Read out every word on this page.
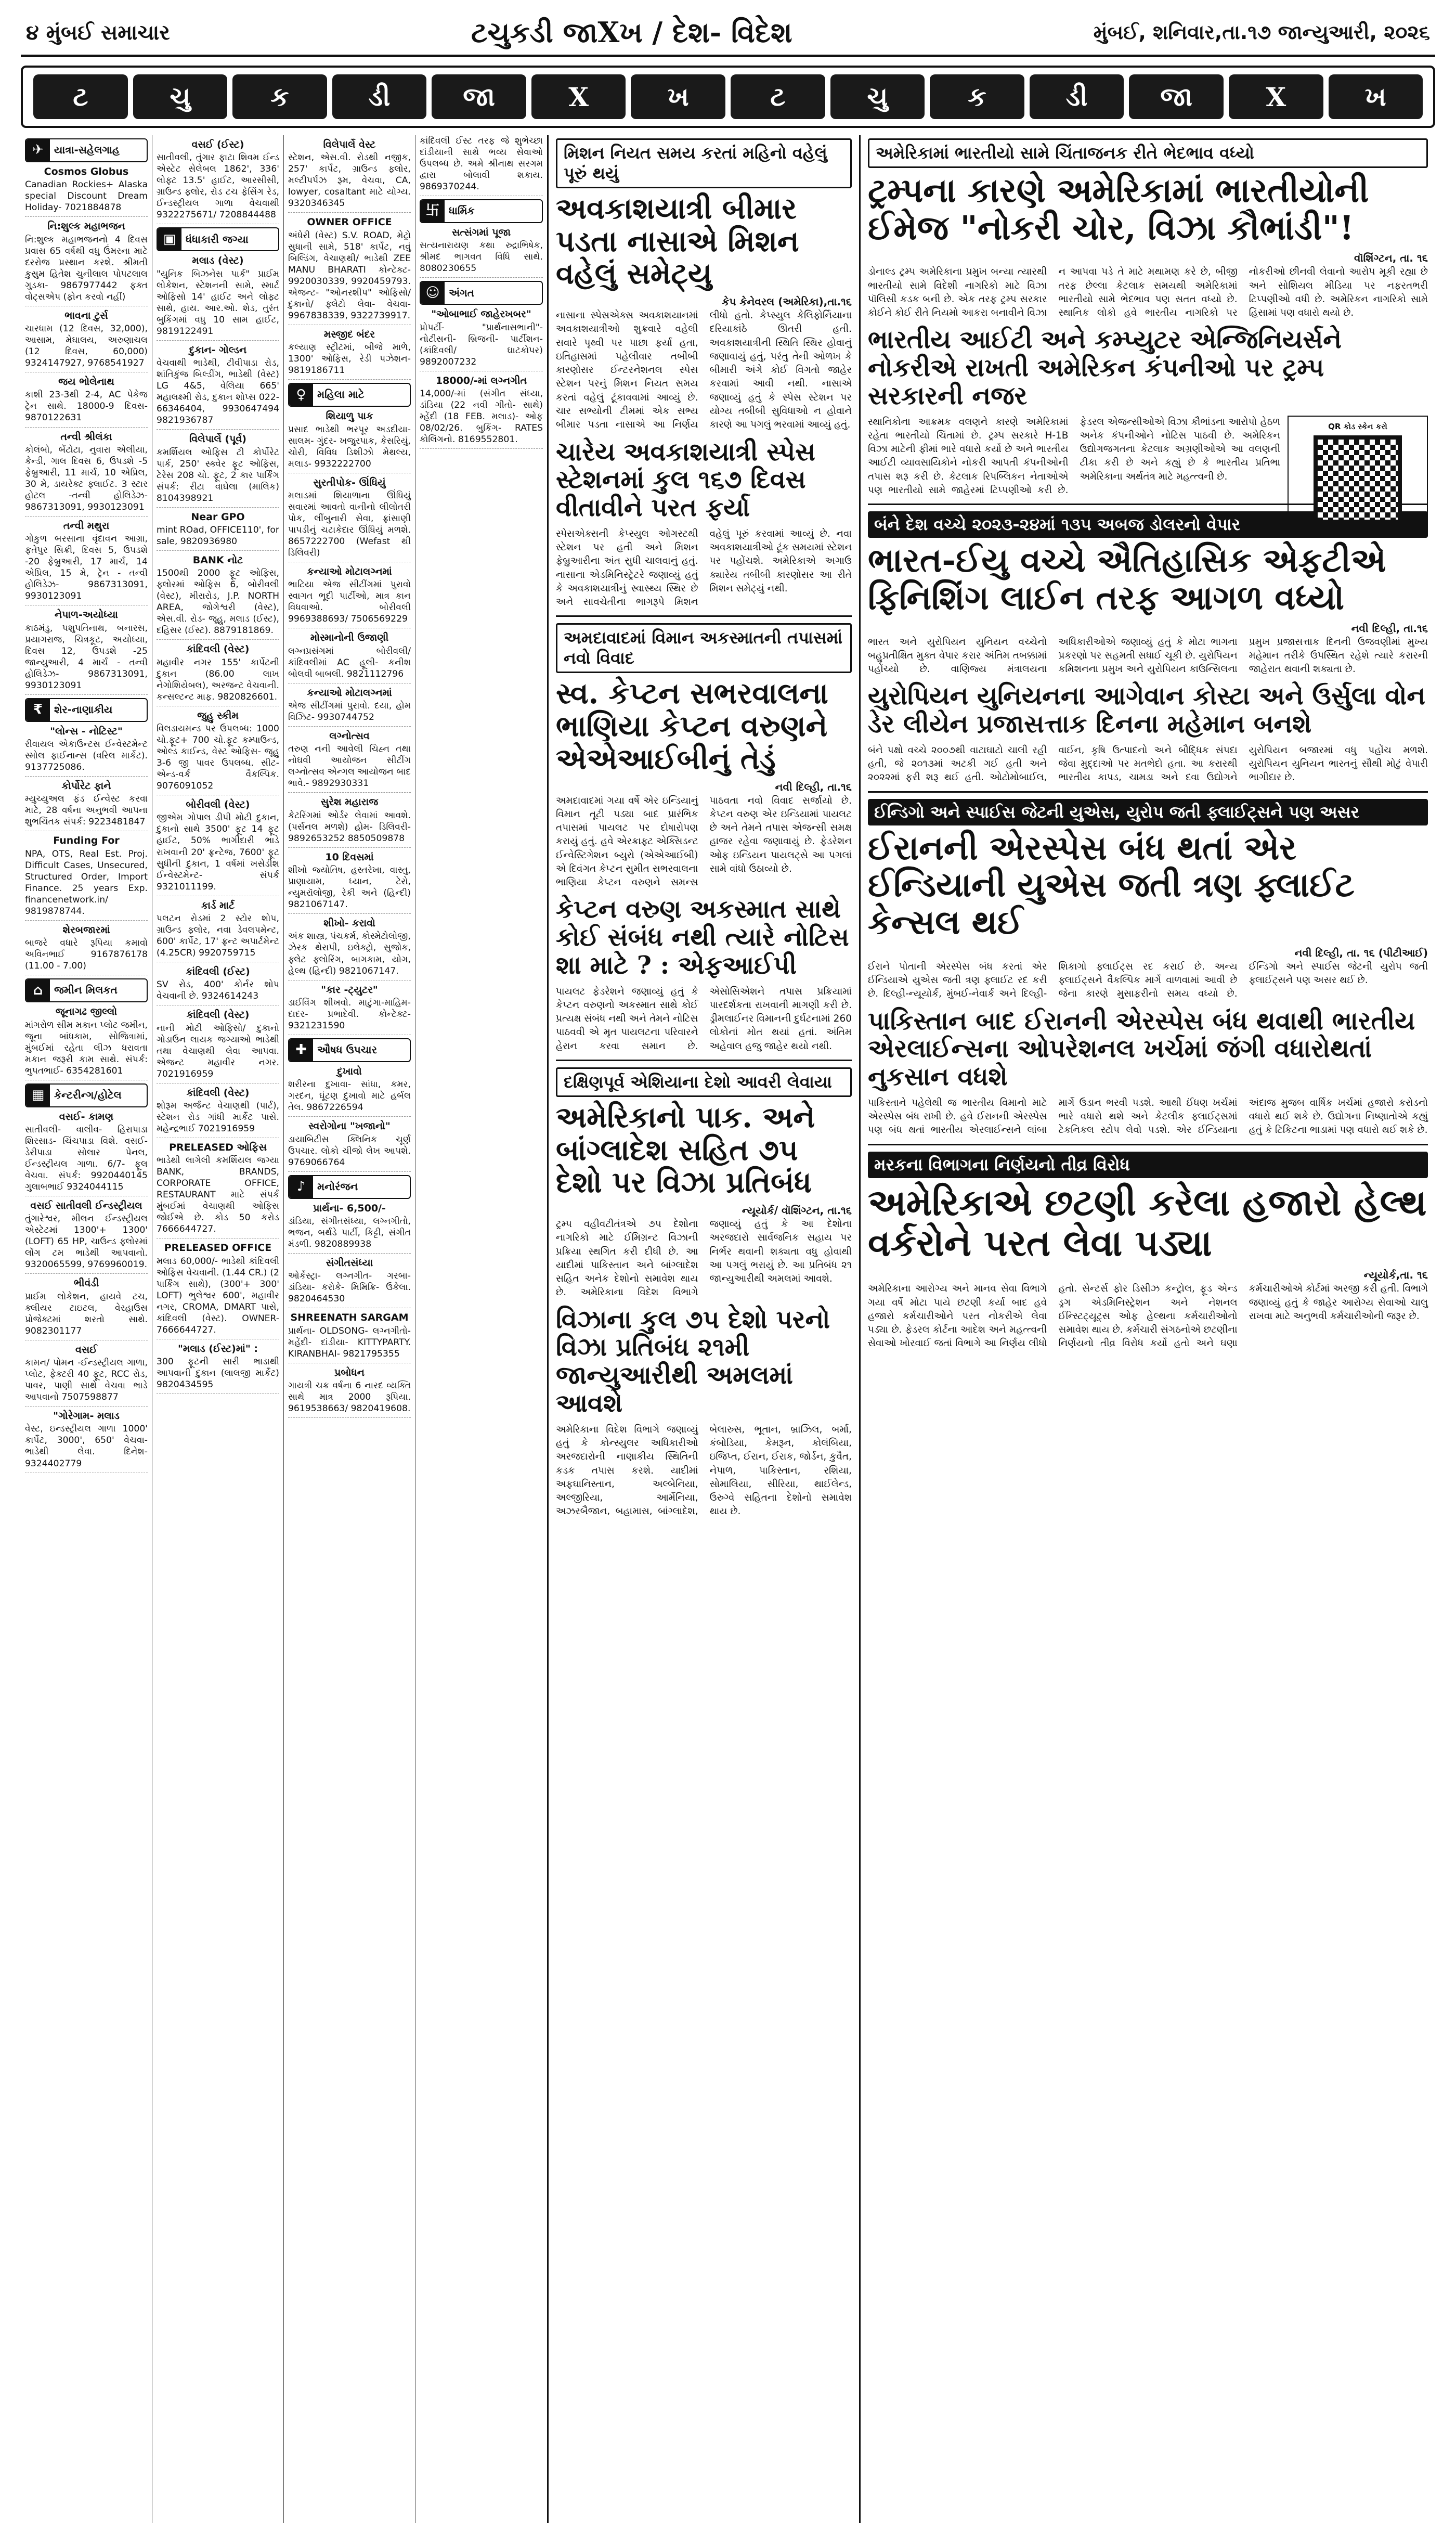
૪ મુંબઈ સમાચાર	ટચુકડી જાXખ / દેશ- વિદેશ	મુંબઈ, શનિવાર,તા.૧૭ જાન્યુઆરી, ૨૦૨૬
ટ	ચુ	ક	ડી	જા	X	ખ	ટ	ચુ	ક	ડી	જા	X	ખ
✈	યાત્રા-સહેલગાહ
Cosmos Globus
Canadian Rockies+ Alaska special Discount Dream Holiday- 7021884878
નિ:શુલ્ક મહાભજન
નિ:શુલ્ક મહાભજનનો 4 દિવસ પ્રવાસ 65 વર્ષથી વધુ ઉંમરના માટે દરરોજ પ્રસ્થાન કરશે. શ્રીમતી કુસુમ હિતેશ ચુનીલાલ પોપટલાલ ગુડકા- 9867977442 ફક્ત વોટ્સએપ (ફોન કરવો નહીં)
ભાવના ટુર્સ
ચારધામ (12 દિવસ, 32,000), આસામ, મેઘાલય, અરુણાચલ (12 દિવસ, 60,000) 9324147927, 9768541927
જય ભોલેનાથ
કાશી 23-3થી 2-4, AC પેકેજ ટ્રેન સાથે. 18000-9 દિવસ- 9870122631
તન્વી શ્રીલંકા
કોલંબો, બેંટોટા, નુવારા એલીયા, કેન્ડી, ગાલ દિવસ 6, ઉપડશે -5 ફેબ્રુઆરી, 11 માર્ચ, 10 એપ્રિલ, 30 મે, ડાયરેક્ટ ફ્લાઈટ. 3 સ્ટાર હોટલ -તન્વી હોલિડેઝ- 9867313091, 9930123091
તન્વી મથુરા
ગોકુળ બરસાના વૃંદાવન આગ્રા, ફતેપુર સિક્રી, દિવસ 5, ઉપડશે -20 ફેબ્રુઆરી, 17 માર્ચ, 14 એપ્રિલ, 15 મે, ટ્રેન - તન્વી હોલિડેઝ- 9867313091, 9930123091
નેપાળ-અયોધ્યા
કાઠમંડુ, પશુપતિનાથ, બનારસ, પ્રયાગરાજ, ચિત્રકૂટ, અયોધ્યા, દિવસ 12, ઉપડશે -25 જાન્યુઆરી, 4 માર્ચ - તન્વી હોલિડેઝ- 9867313091, 9930123091
₹	શેર-નાણાકીય
"લોન્સ - નોટિસ્ટ"
રીવાયલ એકાઉન્ટસ ઈન્વેસ્ટમેન્ટ સ્મોલ ફાઈનાન્સ (વરિલ માર્કેટ). 9137725086.
કોર્પોરેટ ફાને
મ્યુચ્યુઅલ ફંડ ઈન્વેસ્ટ કરવા માટે, 28 વર્ષના અનુભવી આપના શુભચિંતક સંપર્ક: 9223481847
Funding For
NPA, OTS, Real Est. Proj. Difficult Cases, Unsecured, Structured Order, Import Finance. 25 years Exp. financenetwork.in/ 9819878744.
શેરબજારમાં
બાજરે વધારે રૂપિયા કમાવો અવિનભાઈ 9167876178 (11.00 - 7.00)
⌂	જમીન મિલકત
જૂનાગઢ જીલ્લો
માંગરોળ સીમ મકાન પ્લોટ જમીન, જૂના બાંધકામ, સોજિત્રામાં, મુંબઈમાં રહેતા લીઝ ધરાવતા મકાન જરૂરી કામ સાથે. સંપર્ક: ભુપતભાઈ- 6354281601
▦ કેન્ટરીન્ગ/હોટેલ
વસઈ- કામણ
સાતીવલી- વાલીવ- હિરાપાડા શિરસાડ- ચિંચપાડા વિશે. વસઈ- ડેરીપાડા સોલાર પેનલ, ઈન્ડસ્ટ્રીયલ ગાળા. 6/7- ફૂલ વેચવા. સંપર્ક: 9920440145 ગુલાબભાઈ 9324044115
વસઈ સાતીવલી ઈન્ડસ્ટ્રીયલ
તુંગારેશ્વર, મીલન ઈન્ડસ્ટ્રીયલ એસ્ટેટમાં 1300'+ 1300' (LOFT) 65 HP, ચાઉન્ડ ફ્લોરમાં લોંગ ટમ ભાડેથી આપવાનો. 9320065599, 9769960019.
ભીવંડી
પ્રાઈમ લોકેશન, હાયવે ટચ, ક્લીયર ટાઇટલ, વેરહાઉસ પ્રોજેક્ટમાં શરતો સાથે. 9082301177
વસઈ
કામન/ પોમન -ઈન્ડસ્ટ્રીયલ ગાળા, પ્લોટ, ફેક્ટરી 40 ફૂટ, RCC રોડ, પાવર, પાણી સાથે વેચવા ભાડે આપવાનો 7507598877
"ગોરેગામ- મલાડ
વેસ્ટ, ઇન્ડસ્ટ્રીયલ ગાળા 1000' કાર્પેટ, 3000', 650' વેચવા-ભાડેથી લેવા. દિનેશ- 9324402779
વસઈ (ઈસ્ટ)
સાતીવલી, તુંગાર ફાટા શિવમ ઈન્ડ એસ્ટેટ સેલેબલ 1862', 336' લોફ્ટ 13.5' હાઈટ, આરસીસી, ગ્રાઉન્ડ ફ્લોર, રોડ ટચ ફેસિંગ રેડ, ઈન્ડસ્ટ્રીયલ ગાળા વેચવાથી 9322275671/ 7208844488
▣ ધંધાકારી જગ્યા
મલાડ (વેસ્ટ)
"યુનિક બિઝનેસ પાર્ક" પ્રાઈમ લોકેશન, સ્ટેશનની સામે, સ્માર્ટ ઓફિસો 14' હાઈટ અને લોફ્ટ સાથે, હાય. આર.ઓ. શેડ, તુરંત બુકિંગમાં વધુ 10 સામ હાઈટ, 9819122491
દુકાન- ગોલ્ડન
વેચવાથી ભાડેથી, ટીવીપાડા રોડ, શાંતિકુંજ બિલ્ડીંગ, ભાડેથી (વેસ્ટ) LG 4&5, વેલિયા 665' મહાલક્ષ્મી રોડ, દુકાન શોપ્સ 022-66346404, 9930647494 9821936787
વિલેપાર્લે (પૂર્વ)
કમર્શિયલ ઓફિસ ટી કોર્પોરેટ પાર્ક, 250' સ્ક્વેર ફૂટ ઓફિસ, ટેરેસ 208 ચો. ફૂટ, 2 કાર પાર્કિંગ સંપર્ક: રીટા વાઘેલા (માલિક) 8104398921
Near GPO
mint ROad, OFFICE110', for sale, 9820936980
BANK નોટ
1500થી 2000 ફૂટ ઓફિસ, ફ્લોરમાં ઓફિસ 6, બોરીવલી (વેસ્ટ), મીરારોડ, J.P. NORTH AREA, જોગેશ્વરી (વેસ્ટ), એસ.વી. રોડ- જૂહુ, મલાડ (ઈસ્ટ), દહિસર (ઈસ્ટ). 8879181869.
કાંદિવલી (વેસ્ટ)
મહાવીર નગર 155' કાર્પેટની દુકાન (86.00 લાખ નેગોશિયેબલ), અરજન્ટ વેચવાની. કન્સલ્ટન્ટ માફ. 9820826601.
જુહુ સ્કીમ
વિલડાયમન્ડ પર ઉપલબ્ધ: 1000 ચો.ફૂટ+ 700 ચો.ફૂટ કમ્પાઉન્ડ, ઓલ્ડ કાઈન્ડ, વેસ્ટ ઓફિસ- જૂહુ 3-6 જી પાવર ઉપલબ્ધ. સીટ-એન્ડ-વર્ક વૈકલ્પિક. 9076091052
બોરીવલી (વેસ્ટ)
જીએમ ગોપાલ ડીપી મોટી દુકાન, દુકાનો સાથે 3500' ફૂટ 14 ફૂટ હાઈટ, 50% ભાગીદારી ભાડે રાખવાની 20' ફ્રન્ટેજ, 7600' ફૂટ સુધીની દુકાન, 1 વર્ષમાં ખસેડીશ ઈન્વેસ્ટમેન્ટ- સંપર્ક 9321011199.
કાર્ડ માર્ટ
પલટન રોડમાં 2 સ્ટોર શોપ, ગ્રાઉન્ડ ફ્લોર, નવા ડેવલપમેન્ટ, 600' કાર્પેટ, 17' ફ્રન્ટ અપાર્ટમેન્ટ (4.25CR) 9920759715
કાંદિવલી (ઈસ્ટ)
SV રોડ, 400' કોર્નર શોપ વેચવાની છે. 9324614243
કાંદિવલી (વેસ્ટ)
નાની મોટી ઓફિસો/ દુકાનો ગોડાઉન લાયક જગ્યાઓ ભાડેથી તથા વેચાણથી લેવા આપવા. એજન્ટ મહાવીર નગર. 7021916959
કાંદિવલી (વેસ્ટ)
શોરૂમ અર્જન્ટ વેચાણથી (પાર્ટ), સ્ટેશન રોડ ગાંધી માર્કેટ પાસે. મહેન્દ્રભાઈ 7021916959
PRELEASED ઓફિસ
ભાડેથી લાગેલી કમર્શિયલ જગ્યા BANK, BRANDS, CORPORATE OFFICE, RESTAURANT માટે સંપર્ક મુંબઈમાં વેચાણથી ઓફિસ જોઈએ છે. કોડ 50 કરોડ 7666644727.
PRELEASED OFFICE
મલાડ 60,000/- ભાડેથી કાંદિવલી ઓફિસ વેચવાની. (1.44 CR.) (2 પાર્કિંગ સાથે), (300'+ 300' LOFT) ભુલેશ્વર 600', મહાવીર નગર, CROMA, DMART પાસે, કાંદિવલી (વેસ્ટ). OWNER- 7666644727.
"મલાડ (ઈસ્ટ)માં" :
300 ફૂટની સારી ભાડાથી આપવાની દુકાન (લાલજી માર્કેટ) 9820434595
વિલેપાર્લે વેસ્ટ
સ્ટેશન, એસ.વી. રોડથી નજીક, 257' કાર્પેટ, ગ્રાઉન્ડ ફ્લોર, મલ્ટીપર્પઝ રૂમ, વેચવા, CA, lowyer, cosaltant માટે યોગ્ય. 9320346345
OWNER OFFICE
અંધેરી (વેસ્ટ) S.V. ROAD, મેટ્રો સુધાની સામે, 518' કાર્પેટ, નવું બિલ્ડિંગ, વેચાણથી/ ભાડેથી ZEE MANU BHARATI કોન્ટેક્ટ- 9920030339, 9920459793. એજન્ટ- "ઓનરશીપ" ઓફિસો/ દુકાનો/ ફ્લેટો લેવા- વેચવા- 9967838339, 9322739917.
મસ્જીદ બંદર
કલ્યાણ સ્ટ્રીટમાં, બીજે માળે, 1300' ઓફિસ, રેડી પઝેશન- 9819186711
♀	મહિલા માટે
શિયાળુ પાક
પ્રસાદ ભાડેથી ભરપૂર અડદીયા- સાલમ- ગુંદર- ખજુરપાક, કેસરિયું, ચોરી, વિવિધ ડિશીઝો મેથલ્ય, મલાડ- 9932222700
સુરતીપોક- ઊંધિયું
મલાડમાં શિયાળાના ઊંધિયું સવારમાં આવતો વાનીનો લીલોતરી પોક, લીંબુનારી સેવા, ફ્રાંસાણી પાપડીનું ચટાકેદાર ઊંધિયું મળશે. 8657222700 (Wefast થી ડિલિવરી)
કન્યાઓ મોટાલગ્નમાં
ભાટિયા એજ સીટીંગમાં પુરાવો સ્વાગત ભૂદી પાર્ટીઓ, માત્ર કાન વિધવાઓ. બોરીવલી 9969388693/ 7506569229
મોસ્માનોની ઉજાણી
લગ્નપ્રસંગમાં બોરીવલી/ કાંદિવલીમાં AC હૂલી- કનીશ બોલવી બાબલી. 9821112796
કન્યાઓ મોટાલગ્નમાં
એજ સીટીંગમાં પુરાવો. દયા, હોમ વિઝિટ- 9930744752
લગ્નોત્સવ
તરુણ નની આવેલી ચિહ્ન તથા નોઘવી આયોજન સીટીંગ લગ્નોત્સવ એન્ગલ આયોજન બાદ ભાવે.- 9892930331
સુરેશ મહારાજ
કેટરિંગમાં ઓર્ડર લેવામાં આવશે. (પર્સનલ મળશે) હોમ- ડિલિવરી- 9892653252 8850509878
10 દિવસમાં
શીખો જ્યોતિષ, હસ્તરેખા, વાસ્તુ, પ્રાણાયામ, ધ્યાન, ટેરો, ન્યુમરૉલોજી, રેકી અને (હિન્દી) 9821067147.
શીખો- કરાવો
અંક શાસ્ત્ર, પંચકર્મ, કોસ્મેટોલોજી, ઝેરક થેરાપી, ઇલેક્ટ્રો, સુજોક, ફ્લેટ ફ્લોરિંગ, બાગકામ, યોગ, હેલ્થ (હિન્દી) 9821067147.
"કાર -ટ્યુટર"
ડાઈવિંગ શીખવો. માટુંગા-માહિમ- દાદર- પ્રભાદેવી. કોન્ટેક્ટ- 9321231590
✚	ઔષધ ઉપચાર
દુખાવો
શરીરના દુખાવા- સાંધા, કમર, ગરદન, ઘૂંટણ દુખાવો માટે હર્બલ તેલ. 9867226594
સ્વરોગોના "ખજાનો"
ડાયાબિટીસ ક્લિનિક ચૂર્ણ ઉપચાર. લોકો ચીજો લેખ આપશે. 9769066764
♪	મનોરંજન
પ્રાર્થના- 6,500/-
ડાંડિયા, સંગીતસંધ્યા, લગ્નગીતો, ભજન, બર્થડે પાર્ટી, કિટ્ટી, સંગીત મંડળી. 9820889938
સંગીતસંધ્યા
ઓર્કેસ્ટ્રા- લગ્નગીત- ગરબા- ડાંડિયા- કરોકે- મિમિક્રિ- ઉકેલા. 9820464530
SHREENATH SARGAM
પ્રાર્થના- OLDSONG- લગ્નગીતો- મહેંદી- દાંડીયા- KITTYPARTY. KIRANBHAI- 9821795355
પ્રબોધન
ગાયત્રી ચક્ર વર્ષના 6 નારદ વ્યક્તિ સાથે માત્ર 2000 રૂપિયા. 9619538663/ 9820419608.
કાંદિવલી ઈસ્ટ તરફ જે શુભેચ્છા દાંડીયાની સાથે ભવ્ય સેવાઓ ઉપલબ્ધ છે. અમે શ્રીનાથ સરગમ દ્વારા બોલાવી શકાય. 9869370244.
卐 ધાર્મિક
સત્સંગમાં પૂજા
સત્યનારાયણ કથા રુદ્રાભિષેક, શ્રીમદ ભાગવત વિધિ સાથે. 8080230655
☺ અંગત
"ઓબાભાઈ જાહેરખબર"
પ્રોપર્ટી- "પ્રાર્થનાસભાની"- નોટીસની- બ્રિજની- પાર્ટીશન- (કાંદિવલી/ ઘાટકોપર) 9892007232
18000/-માં લગ્નગીત
14,000/-માં (સંગીત સંધ્યા, ડાંડિયા (22 નવી ગીતો- સાથે) મ્હેંદી (18 FEB. મલાડ)- ઓફ 08/02/26. બુકિંગ- RATES કોલિંગનો. 8169552801.
મિશન નિયત સમય કરતાં મહિનો વહેલું પૂરું થયું
અવકાશયાત્રી બીમાર પડતા નાસાએ મિશન વહેલું સમેટ્યુ
કેપ કેનેવરલ (અમેરિકા),તા.૧૬

નાસાના સ્પેસએક્સ અવકાશયાનમાં અવકાશયાત્રીઓ શુક્રવારે વહેલી સવારે પૃથ્વી પર પાછા ફર્યા હતા, ઇતિહાસમાં પહેલીવાર તબીબી કારણોસર ઈન્ટરનેશનલ સ્પેસ સ્ટેશન પરનું મિશન નિયત સમય કરતાં વહેલું ટૂંકાવવામાં આવ્યું છે. ચાર સભ્યોની ટીમમાં એક સભ્ય બીમાર પડતા નાસાએ આ નિર્ણય લીધો હતો. કેપ્સ્યુલ કેલિફોર્નિયાના દરિયાકાંઠે ઊતરી હતી. અવકાશયાત્રીની સ્થિતિ સ્થિર હોવાનું જણાવાયું હતું, પરંતુ તેની ઓળખ કે બીમારી અંગે કોઈ વિગતો જાહેર કરવામાં આવી નથી. નાસાએ જણાવ્યું હતું કે સ્પેસ સ્ટેશન પર યોગ્ય તબીબી સુવિધાઓ ન હોવાને કારણે આ પગલું ભરવામાં આવ્યું હતું.

ચારેય અવકાશયાત્રી સ્પેસ સ્ટેશનમાં કુલ ૧૬૭ દિવસ વીતાવીને પરત ફર્યા

સ્પેસએક્સની કેપ્સ્યુલ ઓગસ્ટથી સ્ટેશન પર હતી અને મિશન ફેબ્રુઆરીના અંત સુધી ચાલવાનું હતું. નાસાના એડમિનિસ્ટ્રેટરે જણાવ્યું હતું કે અવકાશયાત્રીનું સ્વાસ્થ્ય સ્થિર છે અને સાવચેતીના ભાગરૂપે મિશન વહેલું પૂરું કરવામાં આવ્યું છે. નવા અવકાશયાત્રીઓ ટૂંક સમયમાં સ્ટેશન પર પહોંચશે. અમેરિકાએ અગાઉ ક્યારેય તબીબી કારણોસર આ રીતે મિશન સમેટ્યું નથી.

અમદાવાદમાં વિમાન અકસ્માતની તપાસમાં નવો વિવાદ
સ્વ. કેપ્ટન સભરવાલના ભાણિયા કેપ્ટન વરુણને એએઆઈબીનું તેડું
નવી દિલ્હી, તા.૧૬

અમદાવાદમાં ગયા વર્ષે એર ઇન્ડિયાનું વિમાન તૂટી પડ્યા બાદ પ્રારંભિક તપાસમાં પાયલટ પર દોષારોપણ કરાયું હતું. હવે એરક્રાફ્ટ એક્સિડન્ટ ઈન્વેસ્ટિગેશન બ્યુરો (એએઆઈબી) એ દિવંગત કેપ્ટન સુમીત સભરવાલના ભાણિયા કેપ્ટન વરુણને સમન્સ પાઠવતા નવો વિવાદ સર્જાયો છે. કેપ્ટન વરુણ એર ઇન્ડિયામાં પાયલટ છે અને તેમને તપાસ એજન્સી સમક્ષ હાજર રહેવા જણાવાયું છે. ફેડરેશન ઓફ ઇન્ડિયન પાયલટ્સે આ પગલાં સામે વાંધો ઉઠાવ્યો છે.

કેપ્ટન વરુણ અકસ્માત સાથે કોઈ સંબંધ નથી ત્યારે નોટિસ શા માટે ? : એફઆઈપી

પાયલટ ફેડરેશને જણાવ્યું હતું કે કેપ્ટન વરુણનો અકસ્માત સાથે કોઈ પ્રત્યક્ષ સંબંધ નથી અને તેમને નોટિસ પાઠવવી એ મૃત પાયલટના પરિવારને હેરાન કરવા સમાન છે. એસોસિએશને તપાસ પ્રક્રિયામાં પારદર્શકતા રાખવાની માગણી કરી છે. ડ્રીમલાઈનર વિમાનની દુર્ઘટનામાં 260 લોકોનાં મોત થયાં હતાં. અંતિમ અહેવાલ હજુ જાહેર થયો નથી.

દક્ષિણપૂર્વ એશિયાના દેશો આવરી લેવાયા
અમેરિકાનો પાક. અને બાંગ્લાદેશ સહિત ૭૫ દેશો પર વિઝા પ્રતિબંધ
ન્યૂયોર્ક/ વૉશિંગ્ટન, તા.૧૬

ટ્રમ્પ વહીવટીતંત્રએ ૭૫ દેશોના નાગરિકો માટે ઈમિગ્રન્ટ વિઝાની પ્રક્રિયા સ્થગિત કરી દીધી છે. આ યાદીમાં પાકિસ્તાન અને બાંગ્લાદેશ સહિત અનેક દેશોનો સમાવેશ થાય છે. અમેરિકાના વિદેશ વિભાગે જણાવ્યું હતું કે આ દેશોના અરજદારો સાર્વજનિક સહાય પર નિર્ભર થવાની શક્યતા વધુ હોવાથી આ પગલું ભરાયું છે. આ પ્રતિબંધ ૨૧ જાન્યુઆરીથી અમલમાં આવશે.

વિઝાના કુલ ૭૫ દેશો પરનો વિઝા પ્રતિબંધ ૨૧મી જાન્યુઆરીથી અમલમાં આવશે

અમેરિકાના વિદેશ વિભાગે જણાવ્યું હતું કે કોન્સ્યુલર અધિકારીઓ અરજદારોની નાણાકીય સ્થિતિની કડક તપાસ કરશે. યાદીમાં અફઘાનિસ્તાન, અલ્બેનિયા, અલ્જીરિયા, આર્મેનિયા, અઝરબૈજાન, બહામાસ, બાંગ્લાદેશ, બેલારુસ, ભૂતાન, બ્રાઝિલ, બર્મા, કંબોડિયા, કેમરૂન, કોલંબિયા, ઇજિપ્ત, ઈરાન, ઈરાક, જોર્ડન, કુવૈત, નેપાળ, પાકિસ્તાન, રશિયા, સોમાલિયા, સીરિયા, થાઈલેન્ડ, ઉરુગ્વે સહિતના દેશોનો સમાવેશ થાય છે.

અમેરિકામાં ભારતીયો સામે ચિંતાજનક રીતે ભેદભાવ વધ્યો
ટ્રમ્પના કારણે અમેરિકામાં ભારતીયોની ઈમેજ "નોકરી ચોર, વિઝા કૌભાંડી"!
વૉશિંગ્ટન, તા. ૧૬

ડોનાલ્ડ ટ્રમ્પ અમેરિકાના પ્રમુખ બન્યા ત્યારથી ભારતીયો સામે વિદેશી નાગરિકો માટે વિઝા પૉલિસી કડક બની છે. એક તરફ ટ્રમ્પ સરકાર કોઈને કોઈ રીતે નિયમો આકરા બનાવીને વિઝા ન આપવા પડે તે માટે મથામણ કરે છે, બીજી તરફ છેલ્લા કેટલાક સમયથી અમેરિકામાં ભારતીયો સામે ભેદભાવ પણ સતત વધ્યો છે. સ્થાનિક લોકો હવે ભારતીય નાગરિકો પર નોકરીઓ છીનવી લેવાનો આરોપ મૂકી રહ્યા છે અને સોશિયલ મીડિયા પર નફરતભરી ટિપ્પણીઓ વધી છે. અમેરિકન નાગરિકો સામે હિંસામાં પણ વધારો થયો છે.

ભારતીય આઈટી અને કમ્પ્યુટર એન્જિનિયર્સને નોકરીએ રાખતી અમેરિકન કંપનીઓ પર ટ્રમ્પ સરકારની નજર
QR કોડ સ્કેન કરો

સ્થાનિકોના આક્રમક વલણને કારણે અમેરિકામાં રહેતા ભારતીયો ચિંતામાં છે. ટ્રમ્પ સરકારે H-1B વિઝા માટેની ફીમાં ભારે વધારો કર્યો છે અને ભારતીય આઈટી વ્યાવસાયિકોને નોકરી આપતી કંપનીઓની તપાસ શરૂ કરી છે. કેટલાક રિપબ્લિકન નેતાઓએ પણ ભારતીયો સામે જાહેરમાં ટિપ્પણીઓ કરી છે. ફેડરલ એજન્સીઓએ વિઝા કૌભાંડના આરોપો હેઠળ અનેક કંપનીઓને નોટિસ પાઠવી છે. અમેરિકન ઉદ્યોગજગતના કેટલાક અગ્રણીઓએ આ વલણની ટીકા કરી છે અને કહ્યું છે કે ભારતીય પ્રતિભા અમેરિકાના અર્થતંત્ર માટે મહત્ત્વની છે.

બંને દેશ વચ્ચે ૨૦૨૩-૨૪માં ૧૩૫ અબજ ડોલરનો વેપાર
ભારત-ઈયુ વચ્ચે ઐતિહાસિક એફટીએ ફિનિશિંગ લાઈન તરફ આગળ વધ્યો
નવી દિલ્હી, તા.૧૬

ભારત અને યુરોપિયન યુનિયન વચ્ચેનો બહુપ્રતીક્ષિત મુક્ત વેપાર કરાર અંતિમ તબક્કામાં પહોંચ્યો છે. વાણિજ્ય મંત્રાલયના અધિકારીઓએ જણાવ્યું હતું કે મોટા ભાગના પ્રકરણો પર સહમતી સધાઈ ચૂકી છે. યુરોપિયન કમિશનના પ્રમુખ અને યુરોપિયન કાઉન્સિલના પ્રમુખ પ્રજાસત્તાક દિનની ઉજવણીમાં મુખ્ય મહેમાન તરીકે ઉપસ્થિત રહેશે ત્યારે કરારની જાહેરાત થવાની શક્યતા છે.

યુરોપિયન યુનિયનના આગેવાન કોસ્ટા અને ઉર્સુલા વોન ડેર લીયેન પ્રજાસત્તાક દિનના મહેમાન બનશે

બંને પક્ષો વચ્ચે ૨૦૦૭થી વાટાઘાટો ચાલી રહી હતી, જે ૨૦૧૩માં અટકી ગઈ હતી અને ૨૦૨૨માં ફરી શરૂ થઈ હતી. ઓટોમોબાઈલ, વાઈન, કૃષિ ઉત્પાદનો અને બૌદ્ધિક સંપદા જેવા મુદ્દાઓ પર મતભેદો હતા. આ કરારથી ભારતીય કાપડ, ચામડા અને દવા ઉદ્યોગને યુરોપિયન બજારમાં વધુ પહોંચ મળશે. યુરોપિયન યુનિયન ભારતનું સૌથી મોટું વેપારી ભાગીદાર છે.

ઈન્ડિગો અને સ્પાઈસ જેટની યુએસ, યુરોપ જતી ફ્લાઈટ્સને પણ અસર
ઈરાનની એરસ્પેસ બંધ થતાં એર ઈન્ડિયાની યુએસ જતી ત્રણ ફ્લાઈટ કેન્સલ થઈ
નવી દિલ્હી, તા. ૧૬ (પીટીઆઈ)

ઈરાને પોતાની એરસ્પેસ બંધ કરતાં એર ઈન્ડિયાએ યુએસ જતી ત્રણ ફ્લાઈટ રદ કરી છે. દિલ્હી-ન્યૂયોર્ક, મુંબઈ-નેવાર્ક અને દિલ્હી-શિકાગો ફ્લાઈટ્સ રદ કરાઈ છે. અન્ય ફ્લાઈટ્સને વૈકલ્પિક માર્ગે વાળવામાં આવી છે જેના કારણે મુસાફરીનો સમય વધ્યો છે. ઈન્ડિગો અને સ્પાઈસ જેટની યુરોપ જતી ફ્લાઈટ્સને પણ અસર થઈ છે.

પાકિસ્તાન બાદ ઈરાનની એરસ્પેસ બંધ થવાથી ભારતીય એરલાઈન્સના ઓપરેશનલ ખર્ચમાં જંગી વધારોથતાં નુકસાન વધશે

પાકિસ્તાને પહેલેથી જ ભારતીય વિમાનો માટે એરસ્પેસ બંધ રાખી છે. હવે ઈરાનની એરસ્પેસ પણ બંધ થતાં ભારતીય એરલાઈન્સને લાંબા માર્ગે ઉડાન ભરવી પડશે. આથી ઈંધણ ખર્ચમાં ભારે વધારો થશે અને કેટલીક ફ્લાઈટ્સમાં ટેકનિકલ સ્ટોપ લેવો પડશે. એર ઈન્ડિયાના અંદાજ મુજબ વાર્ષિક ખર્ચમાં હજારો કરોડનો વધારો થઈ શકે છે. ઉદ્યોગના નિષ્ણાતોએ કહ્યું હતું કે ટિકિટના ભાડામાં પણ વધારો થઈ શકે છે.

મરકના વિભાગના નિર્ણયનો તીવ્ર વિરોધ
અમેરિકાએ છટણી કરેલા હજારો હેલ્થ વર્કરોને પરત લેવા પડ્યા
ન્યૂયોર્ક,તા. ૧૬

અમેરિકાના આરોગ્ય અને માનવ સેવા વિભાગે ગયા વર્ષે મોટા પાયે છટણી કર્યા બાદ હવે હજારો કર્મચારીઓને પરત નોકરીએ લેવા પડ્યા છે. ફેડરલ કોર્ટના આદેશ અને મહત્ત્વની સેવાઓ ખોરવાઈ જતાં વિભાગે આ નિર્ણય લીધો હતો. સેન્ટર્સ ફોર ડિસીઝ કન્ટ્રોલ, ફૂડ એન્ડ ડ્રગ એડમિનિસ્ટ્રેશન અને નેશનલ ઈન્સ્ટિટ્યૂટ્સ ઓફ હેલ્થના કર્મચારીઓનો સમાવેશ થાય છે. કર્મચારી સંગઠનોએ છટણીના નિર્ણયનો તીવ્ર વિરોધ કર્યો હતો અને ઘણા કર્મચારીઓએ કોર્ટમાં અરજી કરી હતી. વિભાગે જણાવ્યું હતું કે જાહેર આરોગ્ય સેવાઓ ચાલુ રાખવા માટે અનુભવી કર્મચારીઓની જરૂર છે.
